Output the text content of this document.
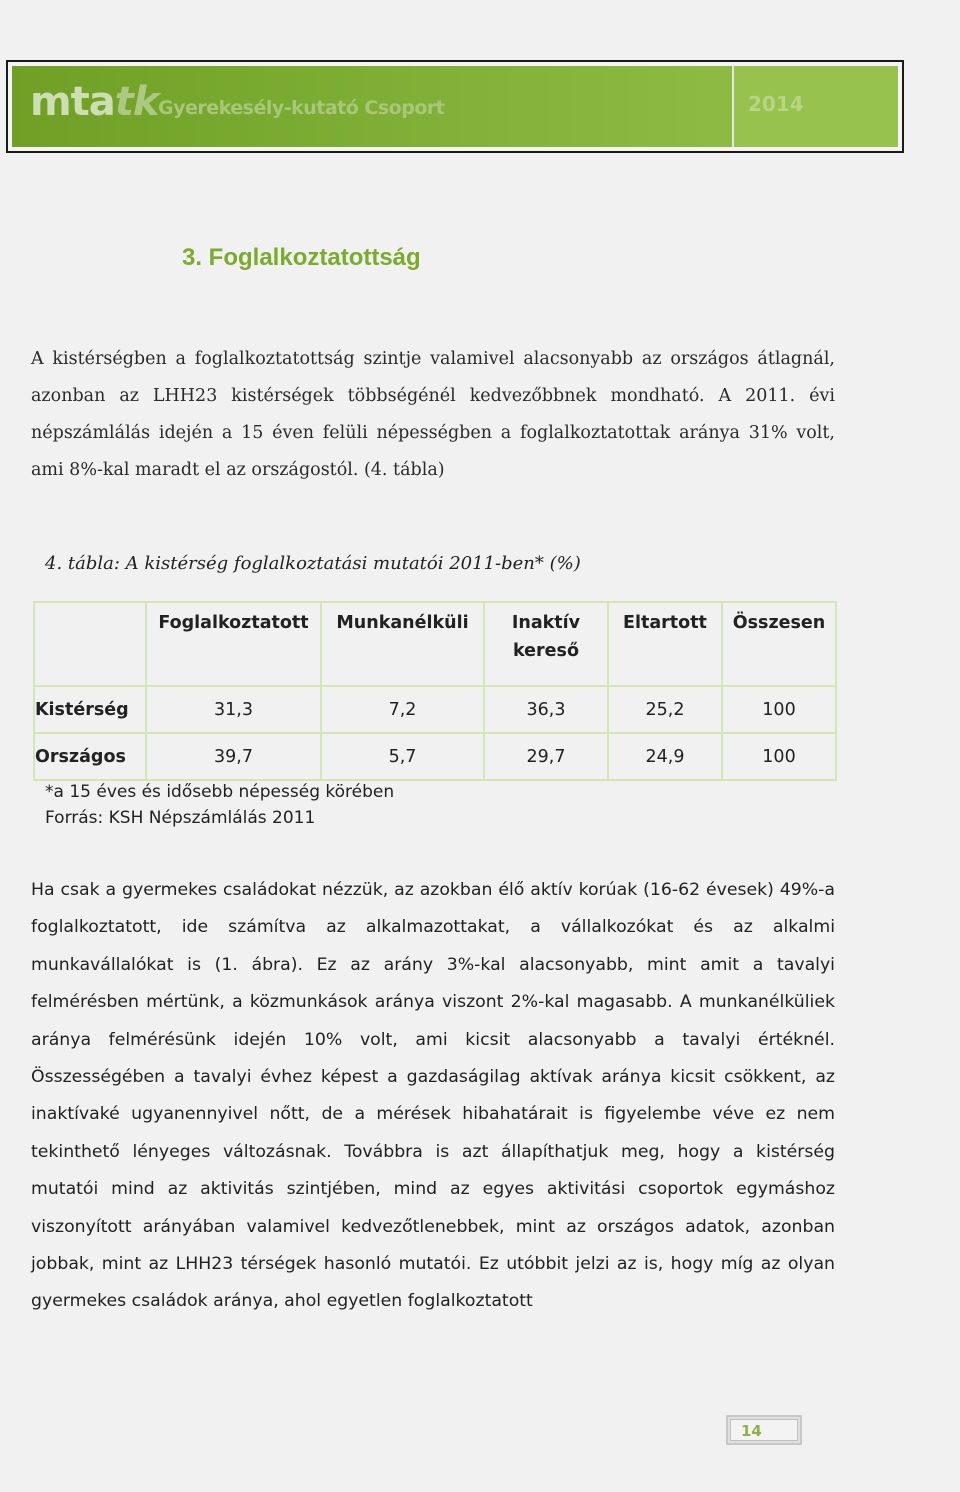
mtatk Gyerekesély-kutató Csoport	2014
3. Foglalkoztatottság

A kistérségben a foglalkoztatottság szintje valamivel alacsonyabb az országos átlagnál, azonban az LHH23 kistérségek többségénél kedvezőbbnek mondható. A 2011. évi népszámlálás idején a 15 éven felüli népességben a foglalkoztatottak aránya 31% volt, ami 8%-kal maradt el az országostól. (4. tábla)

4. tábla: A kistérség foglalkoztatási mutatói 2011-ben* (%)

	Foglalkoztatott	Munkanélküli	Inaktív kereső	Eltartott	Összesen
Kistérség	31,3	7,2	36,3	25,2	100
Országos	39,7	5,7	29,7	24,9	100
*a 15 éves és idősebb népesség körében
Forrás: KSH Népszámlálás 2011

Ha csak a gyermekes családokat nézzük, az azokban élő aktív korúak (16-62 évesek) 49%-a foglalkoztatott, ide számítva az alkalmazottakat, a vállalkozókat és az alkalmi munkavállalókat is (1. ábra). Ez az arány 3%-kal alacsonyabb, mint amit a tavalyi felmérésben mértünk, a közmunkások aránya viszont 2%-kal magasabb. A munkanélküliek aránya felmérésünk idején 10% volt, ami kicsit alacsonyabb a tavalyi értéknél. Összességében a tavalyi évhez képest a gazdaságilag aktívak aránya kicsit csökkent, az inaktívaké ugyanennyivel nőtt, de a mérések hibahatárait is figyelembe véve ez nem tekinthető lényeges változásnak. Továbbra is azt állapíthatjuk meg, hogy a kistérség mutatói mind az aktivitás szintjében, mind az egyes aktivitási csoportok egymáshoz viszonyított arányában valamivel kedvezőtlenebbek, mint az országos adatok, azonban jobbak, mint az LHH23 térségek hasonló mutatói. Ez utóbbit jelzi az is, hogy míg az olyan gyermekes családok aránya, ahol egyetlen foglalkoztatott

14
